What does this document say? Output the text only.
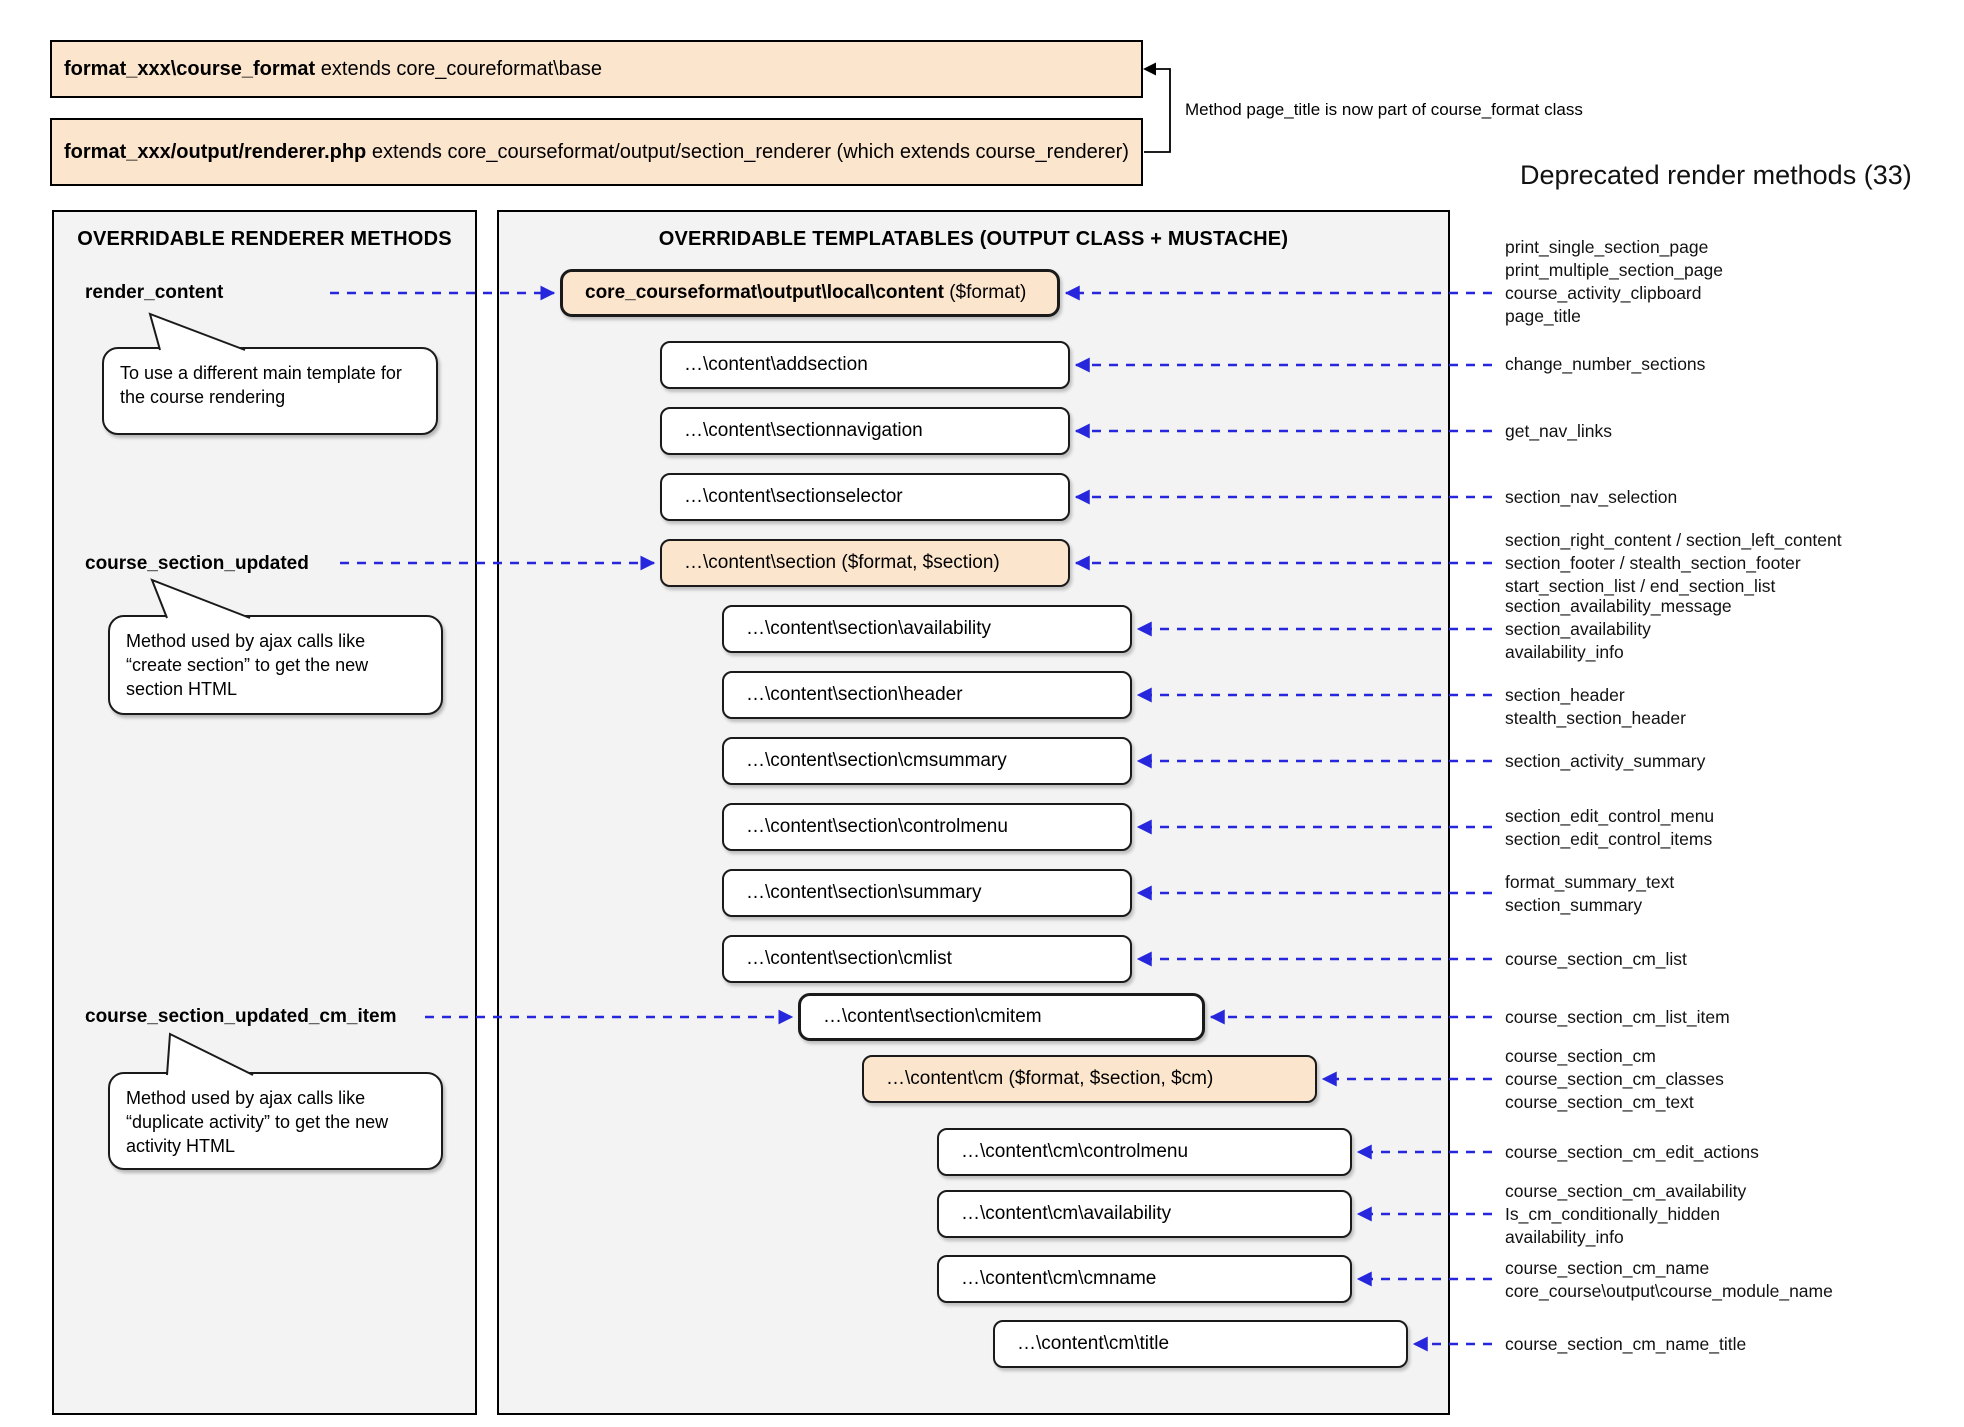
format_xxx\course_format extends core_coureformat\base
format_xxx/output/renderer.php extends core_courseformat/output/section_renderer (which extends course_renderer)
Method page_title is now part of course_format class
Deprecated render methods (33)
OVERRIDABLE RENDERER METHODS	OVERRIDABLE TEMPLATABLES (OUTPUT CLASS + MUSTACHE)
render_content
course_section_updated
course_section_updated_cm_item
To use a different main template for the course rendering
Method used by ajax calls like “create section” to get the new section HTML
Method used by ajax calls like “duplicate activity” to get the new activity HTML
core_courseformat\output\local\content ($format)
…\content\addsection
…\content\sectionnavigation
…\content\sectionselector
…\content\section ($format, $section)
…\content\section\availability
…\content\section\header
…\content\section\cmsummary
…\content\section\controlmenu
…\content\section\summary
…\content\section\cmlist
…\content\section\cmitem
…\content\cm ($format, $section, $cm)
…\content\cm\controlmenu
…\content\cm\availability
…\content\cm\cmname
…\content\cm\title
print_single_section_page
print_multiple_section_page
course_activity_clipboard
page_title
change_number_sections
get_nav_links
section_nav_selection
section_right_content / section_left_content
section_footer / stealth_section_footer
start_section_list / end_section_list
section_availability_message
section_availability
availability_info
section_header
stealth_section_header
section_activity_summary
section_edit_control_menu
section_edit_control_items
format_summary_text
section_summary
course_section_cm_list
course_section_cm_list_item
course_section_cm
course_section_cm_classes
course_section_cm_text
course_section_cm_edit_actions
course_section_cm_availability
Is_cm_conditionally_hidden
availability_info
course_section_cm_name
core_course\output\course_module_name
course_section_cm_name_title
